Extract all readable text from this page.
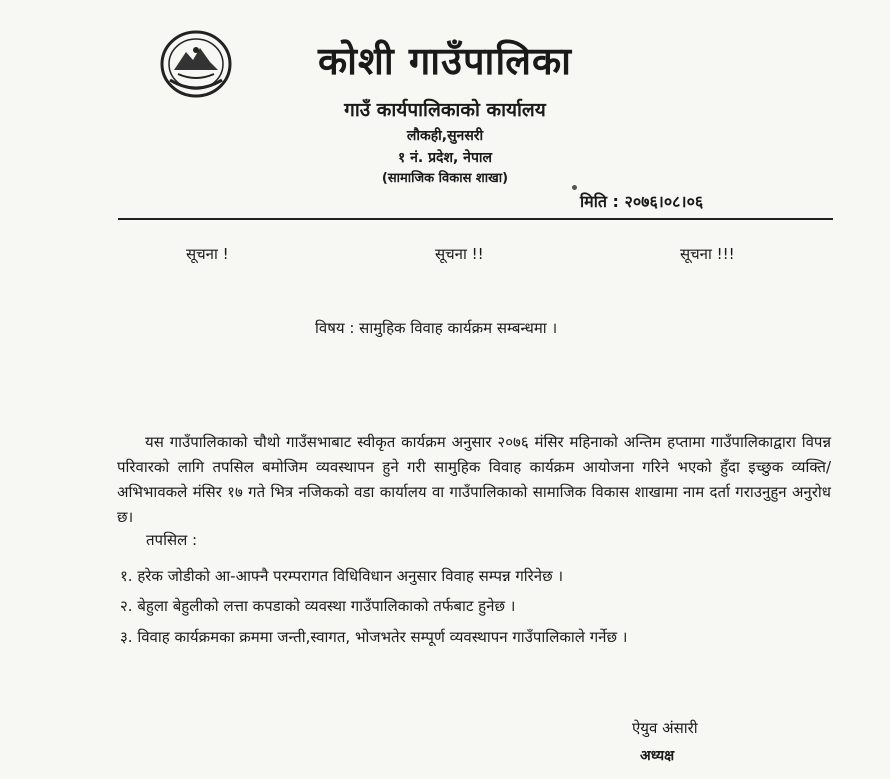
कोशी गाउँपालिका
गाउँ कार्यपालिकाको कार्यालय
लौकही,सुनसरी
१ नं. प्रदेश, नेपाल
(सामाजिक विकास शाखा)
मिति : २०७६।०८।०६
सूचना !	सूचना !!	सूचना !!!
विषय : सामुहिक विवाह कार्यक्रम सम्बन्धमा ।
यस गाउँपालिकाको चौथो गाउँसभाबाट स्वीकृत कार्यक्रम अनुसार २०७६ मंसिर महिनाको अन्तिम हप्तामा गाउँपालिकाद्वारा विपन्न परिवारको लागि तपसिल बमोजिम व्यवस्थापन हुने गरी सामुहिक विवाह कार्यक्रम आयोजना गरिने भएको हुँदा इच्छुक व्यक्ति/अभिभावकले मंसिर १७ गते भित्र नजिकको वडा कार्यालय वा गाउँपालिकाको सामाजिक विकास शाखामा नाम दर्ता गराउनुहुन अनुरोध छ।
तपसिल :
१. हरेक जोडीको आ-आफ्नै परम्परागत विधिविधान अनुसार विवाह सम्पन्न गरिनेछ ।
२. बेहुला बेहुलीको लत्ता कपडाको व्यवस्था गाउँपालिकाको तर्फबाट हुनेछ ।
३. विवाह कार्यक्रमका क्रममा जन्ती,स्वागत, भोजभतेर सम्पूर्ण व्यवस्थापन गाउँपालिकाले गर्नेछ ।
ऐयुव अंसारी
अध्यक्ष
